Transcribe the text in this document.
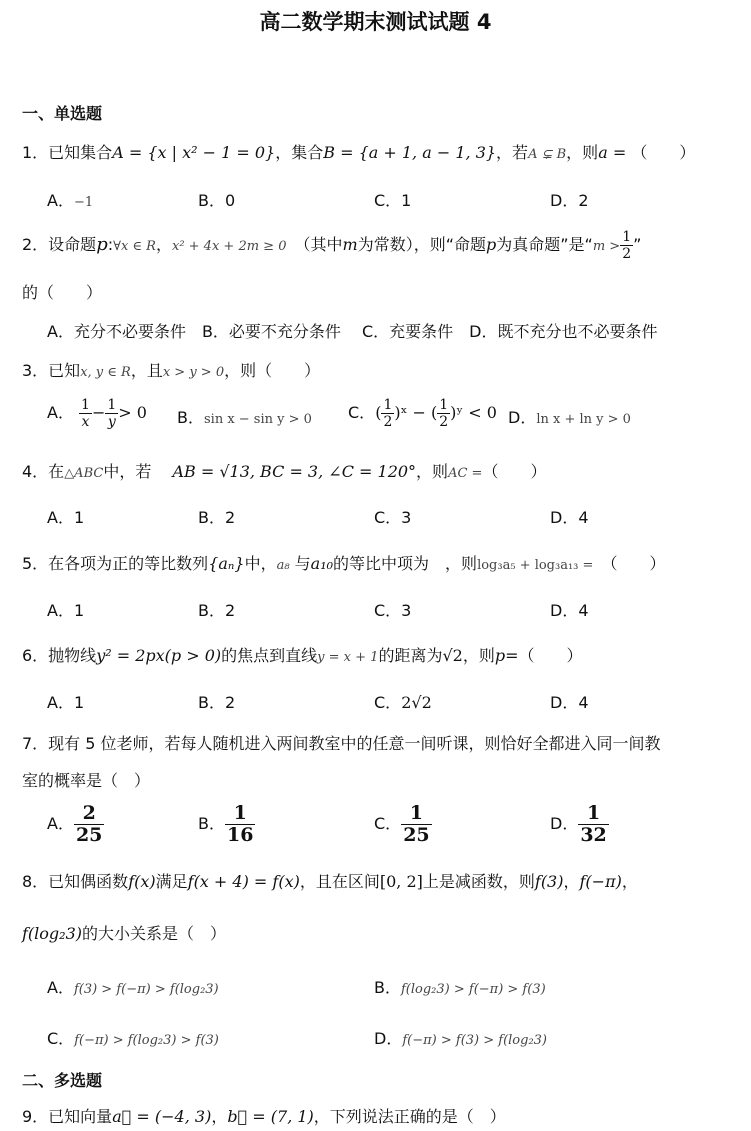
高二数学期末测试试题 4
一、单选题
1．已知集合A = {x | x² − 1 = 0}，集合B = {a + 1, a − 1, 3}，若A ⊊ B，则a = （　　）
A．−1	B．0	C．1	D．2
2．设命题p:∀x ∈ R，x² + 4x + 2m ≥ 0　 （其中m为常数），则“命题p为真命题”是“$m > \frac{1}{2}$ ”
的（　　）
A．充分不必要条件　B．必要不充分条件　 C．充要条件　D．既不充分也不必要条件
3．已知x, y ∈ R，且x > y > 0，则（　　）
A． $\frac{1}{x} - \frac{1}{y} > 0$ B．sin x − sin y > 0 C．( $\frac{1}{2}$ )ˣ − ( $\frac{1}{2}$ )ʸ < 0 D．ln x + ln y > 0
4．在△ABC中，若　 AB = √13, BC = 3, ∠C = 120°，则AC =（　　）
A．1	B．2	C．3	D．4
5．在各项为正的等比数列{aₙ}中，a₈ 与a₁₀的等比中项为　，则log₃a₅ + log₃a₁₃ =　 （　　）
A．1	B．2	C．3	D．4
6．抛物线y² = 2px(p > 0)的焦点到直线y = x + 1的距离为√2，则p=（　　）
A．1	B．2	C．2√2	D．4
7．现有 5 位老师，若每人随机进入两间教室中的任意一间听课，则恰好全都进入同一间教
室的概率是（　）
A． $\frac{2}{25}$	B． $\frac{1}{16}$	C． $\frac{1}{25}$	D． $\frac{1}{32}$
8．已知偶函数f(x)满足f(x + 4) = f(x)，且在区间[0, 2]上是减函数，则f(3)，f(−π)，
f(log₂3)的大小关系是（　）
A．f(3) > f(−π) > f(log₂3)	B．f(log₂3) > f(−π) > f(3)
C．f(−π) > f(log₂3) > f(3)	D．f(−π) > f(3) > f(log₂3)
二、多选题
9．已知向量a⃗ = (−4, 3)，b⃗ = (7, 1)，下列说法正确的是（　）
